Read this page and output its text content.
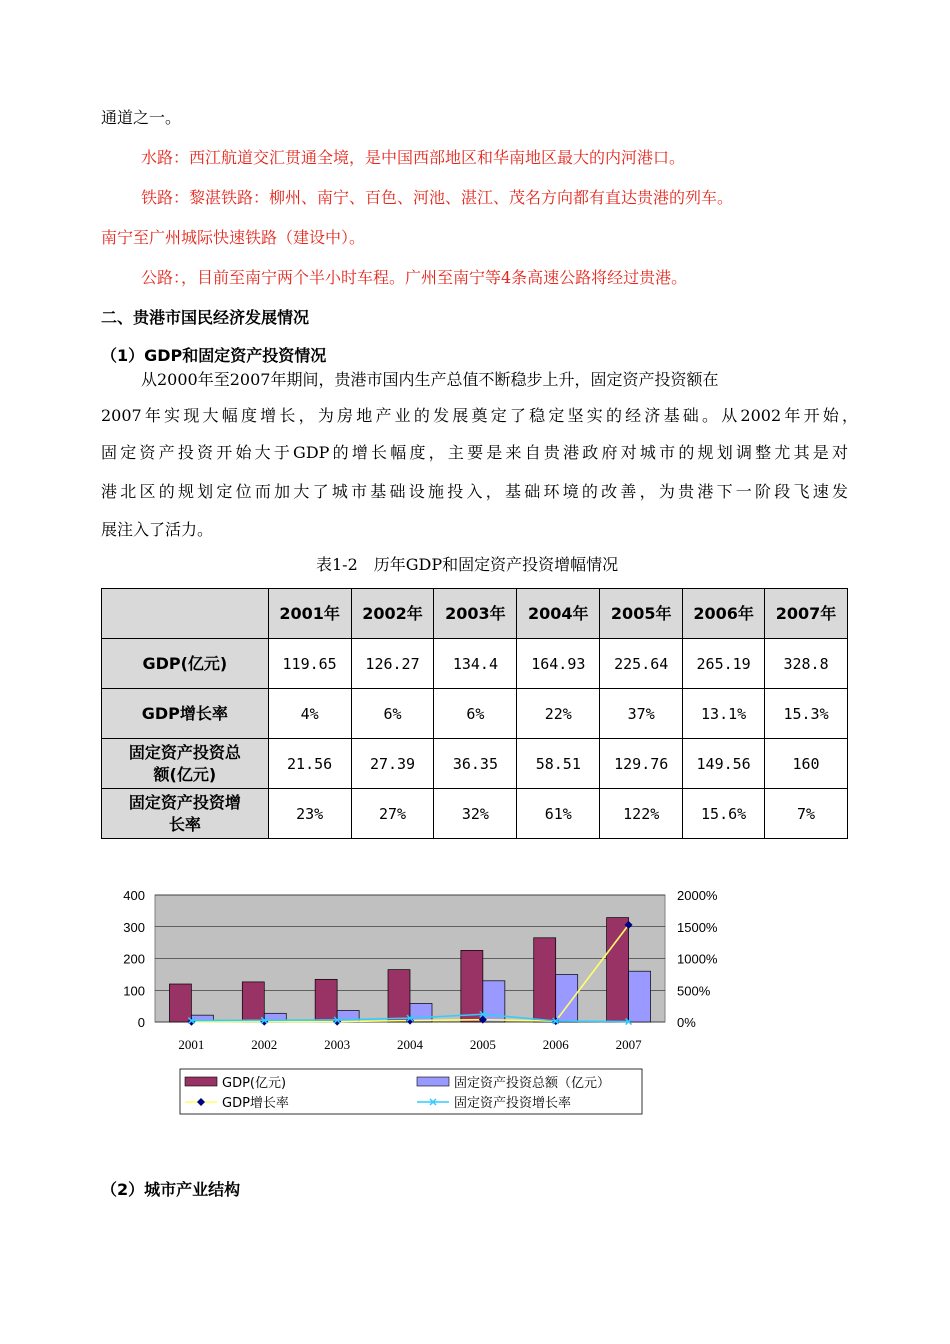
通道之一。
水路：西江航道交汇贯通全境，是中国西部地区和华南地区最大的内河港口。
铁路：黎湛铁路：柳州、南宁、百色、河池、湛江、茂名方向都有直达贵港的列车。
南宁至广州城际快速铁路（建设中）。
公路：，目前至南宁两个半小时车程。广州至南宁等4条高速公路将经过贵港。
二、贵港市国民经济发展情况
（1）GDP和固定资产投资情况
从2000年至2007年期间，贵港市国内生产总值不断稳步上升，固定资产投资额在
2007年实现大幅度增长，为房地产业的发展奠定了稳定坚实的经济基础。从2002年开始，
固定资产投资开始大于GDP的增长幅度，主要是来自贵港政府对城市的规划调整尤其是对
港北区的规划定位而加大了城市基础设施投入，基础环境的改善，为贵港下一阶段飞速发
展注入了活力。
表1-2　历年GDP和固定资产投资增幅情况
	2001年	2002年	2003年	2004年	2005年	2006年	2007年
GDP(亿元)	119.65	126.27	134.4	164.93	225.64	265.19	328.8
GDP增长率	4%	6%	6%	22%	37%	13.1%	15.3%
固定资产投资总
额(亿元)	21.56	27.39	36.35	58.51	129.76	149.56	160
固定资产投资增
长率	23%	27%	32%	61%	122%	15.6%	7%
0
100
200
300
400
0%
500%
1000%
1500%
2000%
2001	2002	2003	2004	2005	2006	2007
GDP(亿元)	固定资产投资总额（亿元）
GDP增长率	固定资产投资增长率
（2）城市产业结构
